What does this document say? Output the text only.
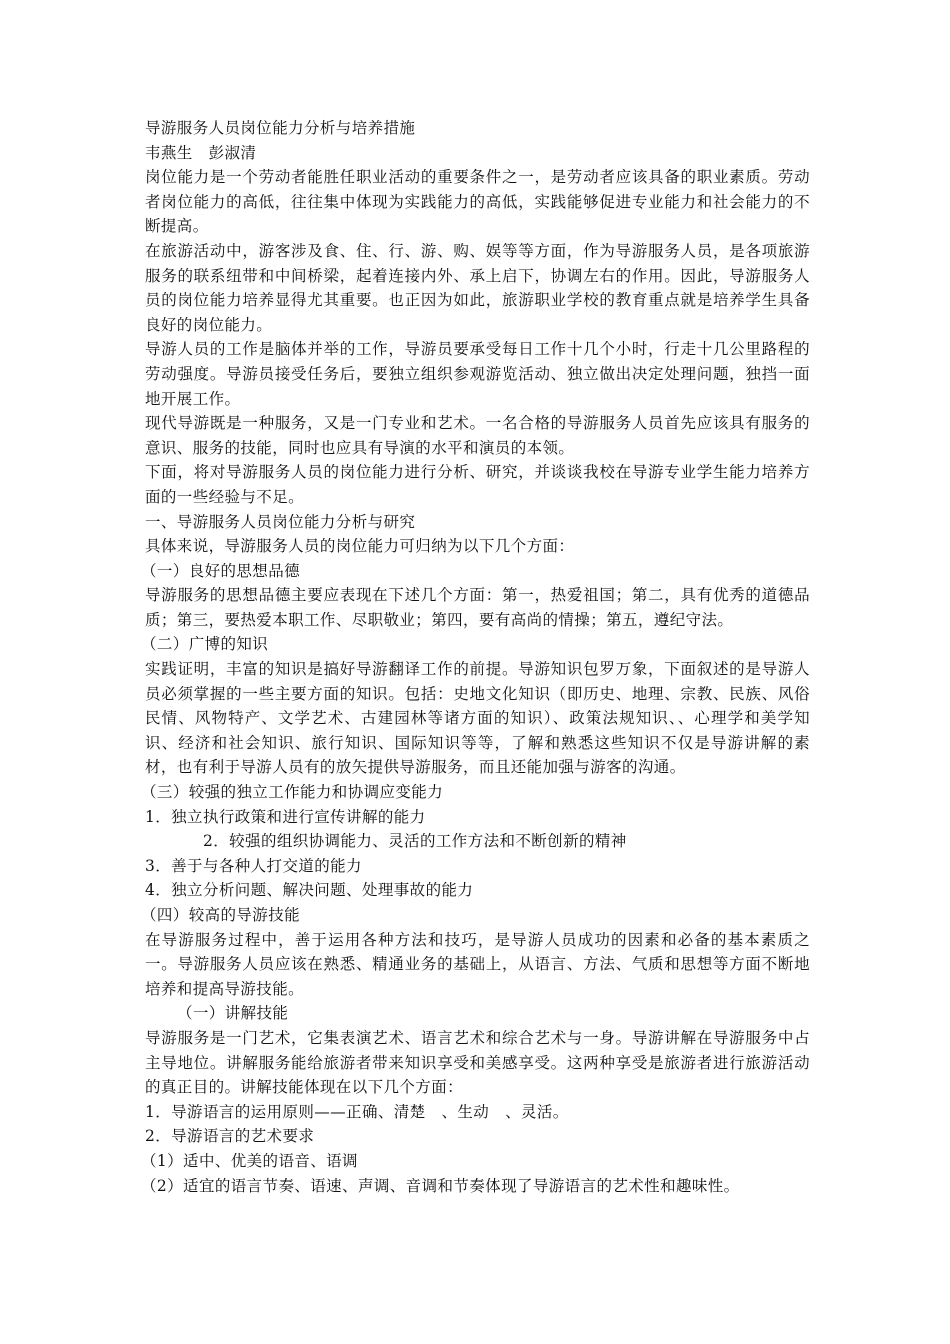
导游服务人员岗位能力分析与培养措施

韦燕生　彭淑清

岗位能力是一个劳动者能胜任职业活动的重要条件之一，是劳动者应该具备的职业素质。劳动者岗位能力的高低，往往集中体现为实践能力的高低，实践能够促进专业能力和社会能力的不断提高。

在旅游活动中，游客涉及食、住、行、游、购、娱等等方面，作为导游服务人员，是各项旅游服务的联系纽带和中间桥梁，起着连接内外、承上启下，协调左右的作用。因此，导游服务人员的岗位能力培养显得尤其重要。也正因为如此，旅游职业学校的教育重点就是培养学生具备良好的岗位能力。

导游人员的工作是脑体并举的工作，导游员要承受每日工作十几个小时，行走十几公里路程的劳动强度。导游员接受任务后，要独立组织参观游览活动、独立做出决定处理问题，独挡一面地开展工作。

现代导游既是一种服务，又是一门专业和艺术。一名合格的导游服务人员首先应该具有服务的意识、服务的技能，同时也应具有导演的水平和演员的本领。

下面，将对导游服务人员的岗位能力进行分析、研究，并谈谈我校在导游专业学生能力培养方面的一些经验与不足。

一、导游服务人员岗位能力分析与研究

具体来说，导游服务人员的岗位能力可归纳为以下几个方面：

（一）良好的思想品德

导游服务的思想品德主要应表现在下述几个方面：第一，热爱祖国；第二，具有优秀的道德品质；第三，要热爱本职工作、尽职敬业；第四，要有高尚的情操；第五，遵纪守法。

（二）广博的知识

实践证明，丰富的知识是搞好导游翻译工作的前提。导游知识包罗万象，下面叙述的是导游人员必须掌握的一些主要方面的知识。包括：史地文化知识（即历史、地理、宗教、民族、风俗民情、风物特产、文学艺术、古建园林等诸方面的知识）、政策法规知识、、心理学和美学知识、经济和社会知识、旅行知识、国际知识等等，了解和熟悉这些知识不仅是导游讲解的素材，也有利于导游人员有的放矢提供导游服务，而且还能加强与游客的沟通。

（三）较强的独立工作能力和协调应变能力

1．独立执行政策和进行宣传讲解的能力

2．较强的组织协调能力、灵活的工作方法和不断创新的精神

3．善于与各种人打交道的能力

4．独立分析问题、解决问题、处理事故的能力

（四）较高的导游技能

在导游服务过程中，善于运用各种方法和技巧，是导游人员成功的因素和必备的基本素质之一。导游服务人员应该在熟悉、精通业务的基础上，从语言、方法、气质和思想等方面不断地培养和提高导游技能。

（一）讲解技能

导游服务是一门艺术，它集表演艺术、语言艺术和综合艺术与一身。导游讲解在导游服务中占主导地位。讲解服务能给旅游者带来知识享受和美感享受。这两种享受是旅游者进行旅游活动的真正目的。讲解技能体现在以下几个方面：

1．导游语言的运用原则——正确、清楚　、生动　、灵活。

2．导游语言的艺术要求

（1）适中、优美的语音、语调

（2）适宜的语言节奏、语速、声调、音调和节奏体现了导游语言的艺术性和趣味性。
